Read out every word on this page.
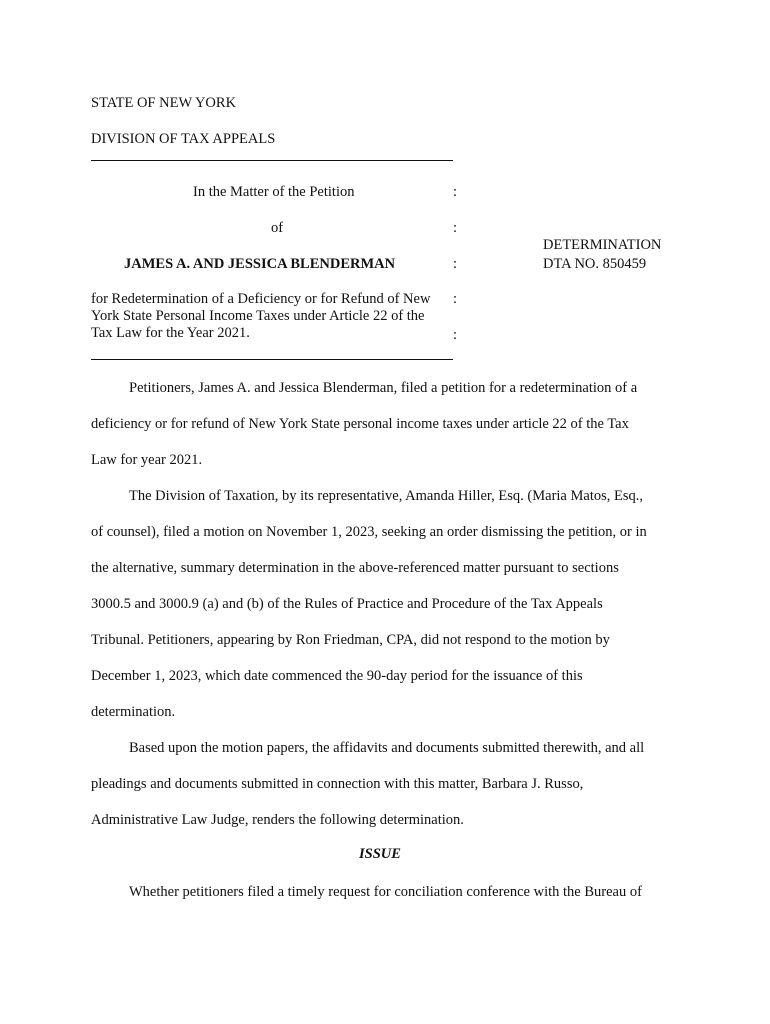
STATE OF NEW YORK
DIVISION OF TAX APPEALS
In the Matter of the Petition	:
of	:
JAMES A. AND JESSICA BLENDERMAN	:
DETERMINATION
DTA NO. 850459

for Redetermination of a Deficiency or for Refund of New

York State Personal Income Taxes under Article 22 of the

Tax Law for the Year 2021.

:
:

Petitioners, James A. and Jessica Blenderman, filed a petition for a redetermination of a

deficiency or for refund of New York State personal income taxes under article 22 of the Tax

Law for year 2021.

The Division of Taxation, by its representative, Amanda Hiller, Esq. (Maria Matos, Esq.,

of counsel), filed a motion on November 1, 2023, seeking an order dismissing the petition, or in

the alternative, summary determination in the above-referenced matter pursuant to sections

3000.5 and 3000.9 (a) and (b) of the Rules of Practice and Procedure of the Tax Appeals

Tribunal. Petitioners, appearing by Ron Friedman, CPA, did not respond to the motion by

December 1, 2023, which date commenced the 90-day period for the issuance of this

determination.

Based upon the motion papers, the affidavits and documents submitted therewith, and all

pleadings and documents submitted in connection with this matter, Barbara J. Russo,

Administrative Law Judge, renders the following determination.

ISSUE

Whether petitioners filed a timely request for conciliation conference with the Bureau of
